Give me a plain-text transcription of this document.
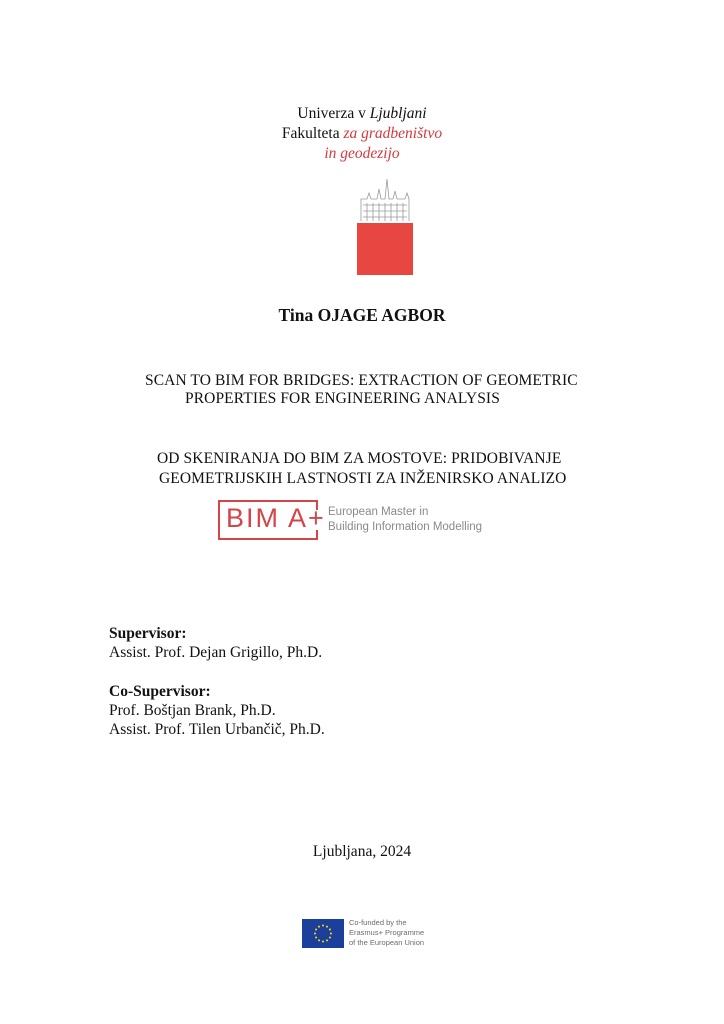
Univerza v Ljubljani
Fakulteta za gradbeništvo
in geodezijo
Tina OJAGE AGBOR
SCAN TO BIM FOR BRIDGES: EXTRACTION OF GEOMETRIC
PROPERTIES FOR ENGINEERING ANALYSIS
OD SKENIRANJA DO BIM ZA MOSTOVE: PRIDOBIVANJE
GEOMETRIJSKIH LASTNOSTI ZA INŽENIRSKO ANALIZO
BIM A+ European Master in
Building Information Modelling
Supervisor:
Assist. Prof. Dejan Grigillo, Ph.D.
Co-Supervisor:
Prof. Boštjan Brank, Ph.D.
Assist. Prof. Tilen Urbančič, Ph.D.
Ljubljana, 2024
Co-funded by the
Erasmus+ Programme
of the European Union
